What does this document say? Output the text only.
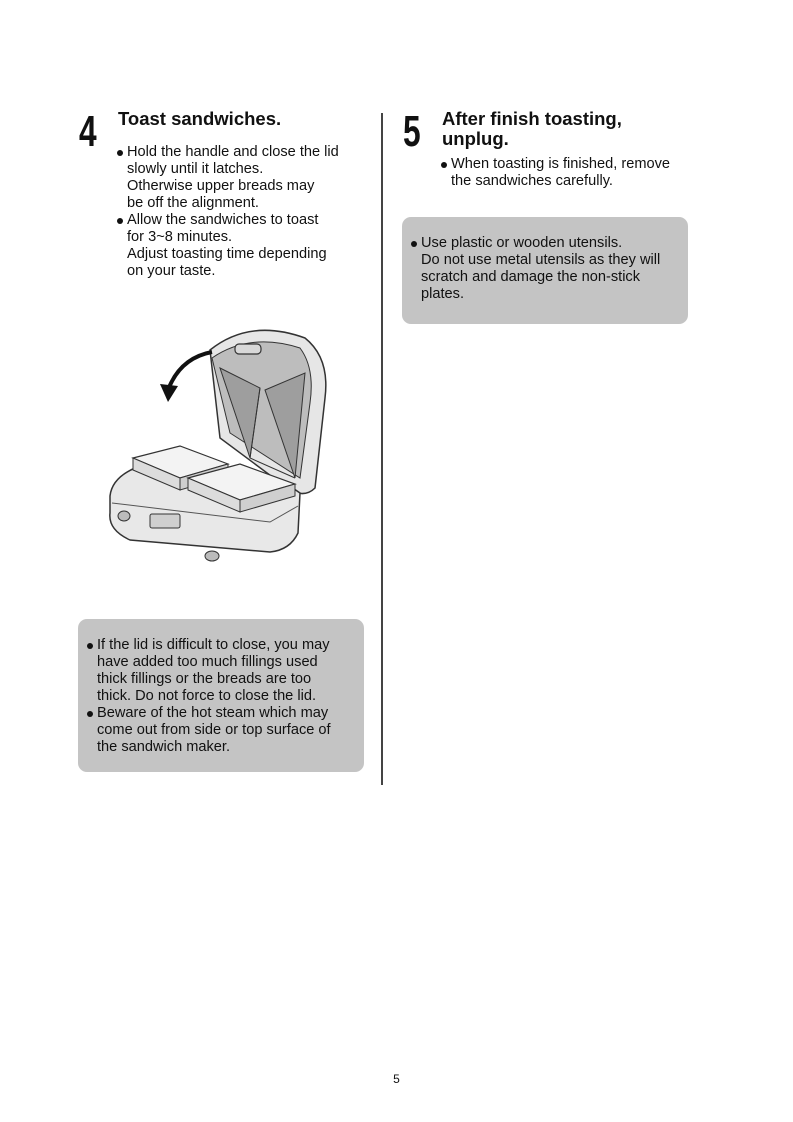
4 Toast sandwiches.
Hold the handle and close the lid
slowly until it latches.
Otherwise upper breads may
be off the alignment.
Allow the sandwiches to toast
for 3~8 minutes.
Adjust toasting time depending
on your taste.
If the lid is difficult to close, you may
have added too much fillings used
thick fillings or the breads are too
thick. Do not force to close the lid.
Beware of the hot steam which may
come out from side or top surface of
the sandwich maker.
5 After finish toasting,
unplug.
When toasting is finished, remove
the sandwiches carefully.
Use plastic or wooden utensils.
Do not use metal utensils as they will
scratch and damage the non-stick
plates.
5
